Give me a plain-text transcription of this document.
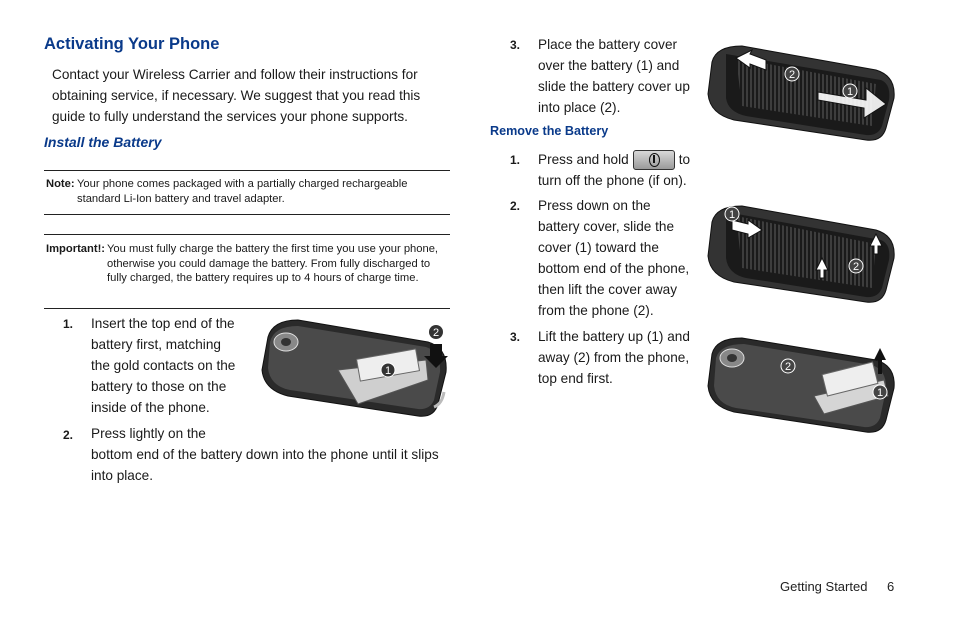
Activating Your Phone

Contact your Wireless Carrier and follow their instructions for obtaining service, if necessary. We suggest that you read this guide to fully understand the services your phone supports.

Install the Battery
Note: Your phone comes packaged with a partially charged rechargeable standard Li-Ion battery and travel adapter.
Important!: You must fully charge the battery the first time you use your phone, otherwise you could damage the battery. From fully discharged to fully charged, the battery requires up to 4 hours of charge time.
1. Insert the top end of the
battery first, matching
the gold contacts on the
battery to those on the
inside of the phone.
2. Press lightly on the
bottom end of the battery down into the phone until it slips
into place.
2
1
3. Place the battery cover
over the battery (1) and
slide the battery cover up
into place (2).
2
1
Remove the Battery
1. Press and hold	to
turn off the phone (if on).
2. Press down on the
battery cover, slide the
cover (1) toward the
bottom end of the phone,
then lift the cover away
from the phone (2).
1
2
3. Lift the battery up (1) and
away (2) from the phone,
top end first.
2
1
Getting Started 6
